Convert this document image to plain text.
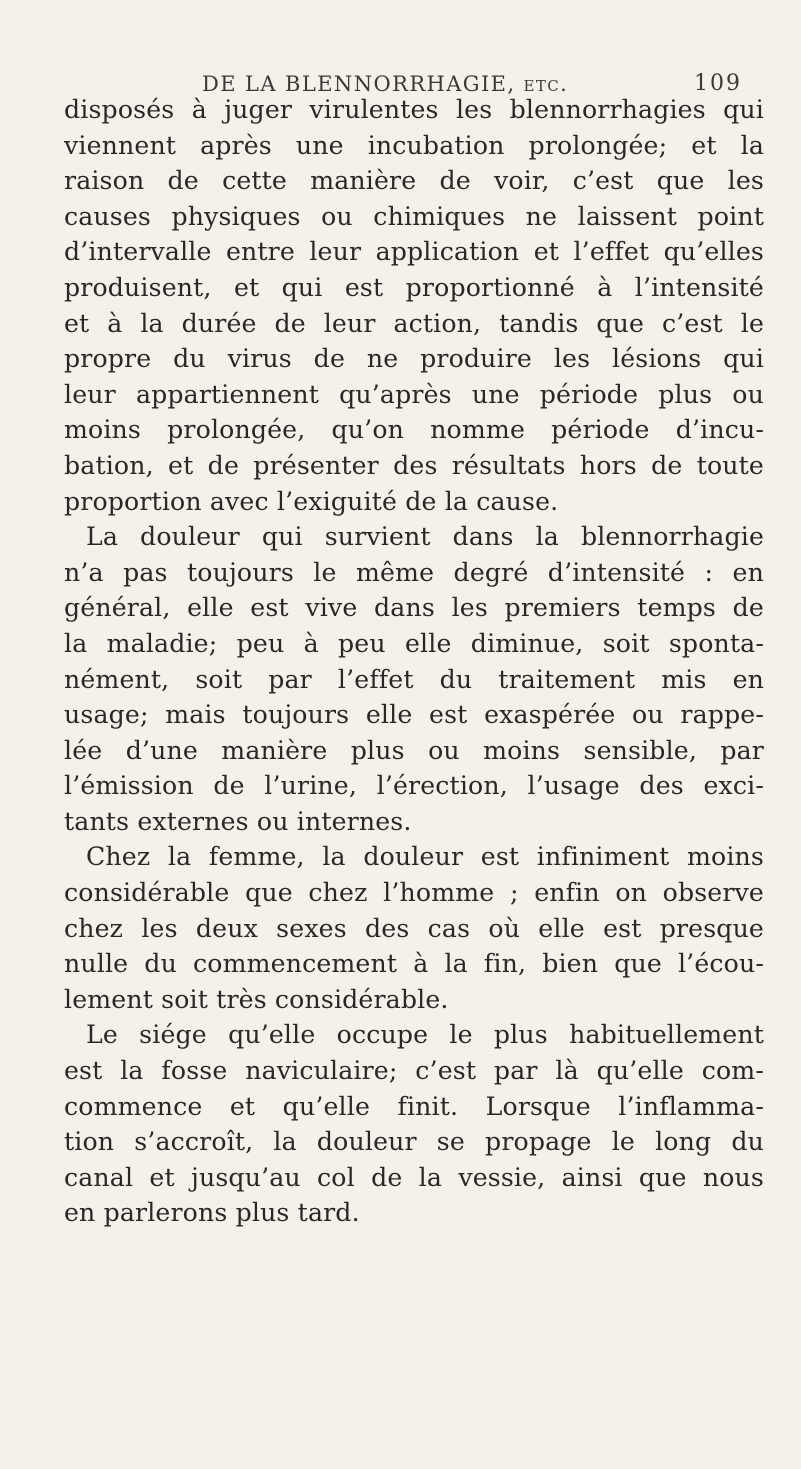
DE LA BLENNORRHAGIE, etc.	109
disposés à juger virulentes les blennorrhagies qui
viennent après une incubation prolongée; et la
raison de cette manière de voir, c’est que les
causes physiques ou chimiques ne laissent point
d’intervalle entre leur application et l’effet qu’elles
produisent, et qui est proportionné à l’intensité
et à la durée de leur action, tandis que c’est le
propre du virus de ne produire les lésions qui
leur appartiennent qu’après une période plus ou
moins prolongée, qu’on nomme période d’incu-
bation, et de présenter des résultats hors de toute
proportion avec l’exiguité de la cause.
La douleur qui survient dans la blennorrhagie
n’a pas toujours le même degré d’intensité : en
général, elle est vive dans les premiers temps de
la maladie; peu à peu elle diminue, soit sponta-
nément, soit par l’effet du traitement mis en
usage; mais toujours elle est exaspérée ou rappe-
lée d’une manière plus ou moins sensible, par
l’émission de l’urine, l’érection, l’usage des exci-
tants externes ou internes.
Chez la femme, la douleur est infiniment moins
considérable que chez l’homme ; enfin on observe
chez les deux sexes des cas où elle est presque
nulle du commencement à la fin, bien que l’écou-
lement soit très considérable.
Le siége qu’elle occupe le plus habituellement
est la fosse naviculaire; c’est par là qu’elle com-
commence et qu’elle finit. Lorsque l’inflamma-
tion s’accroît, la douleur se propage le long du
canal et jusqu’au col de la vessie, ainsi que nous
en parlerons plus tard.
